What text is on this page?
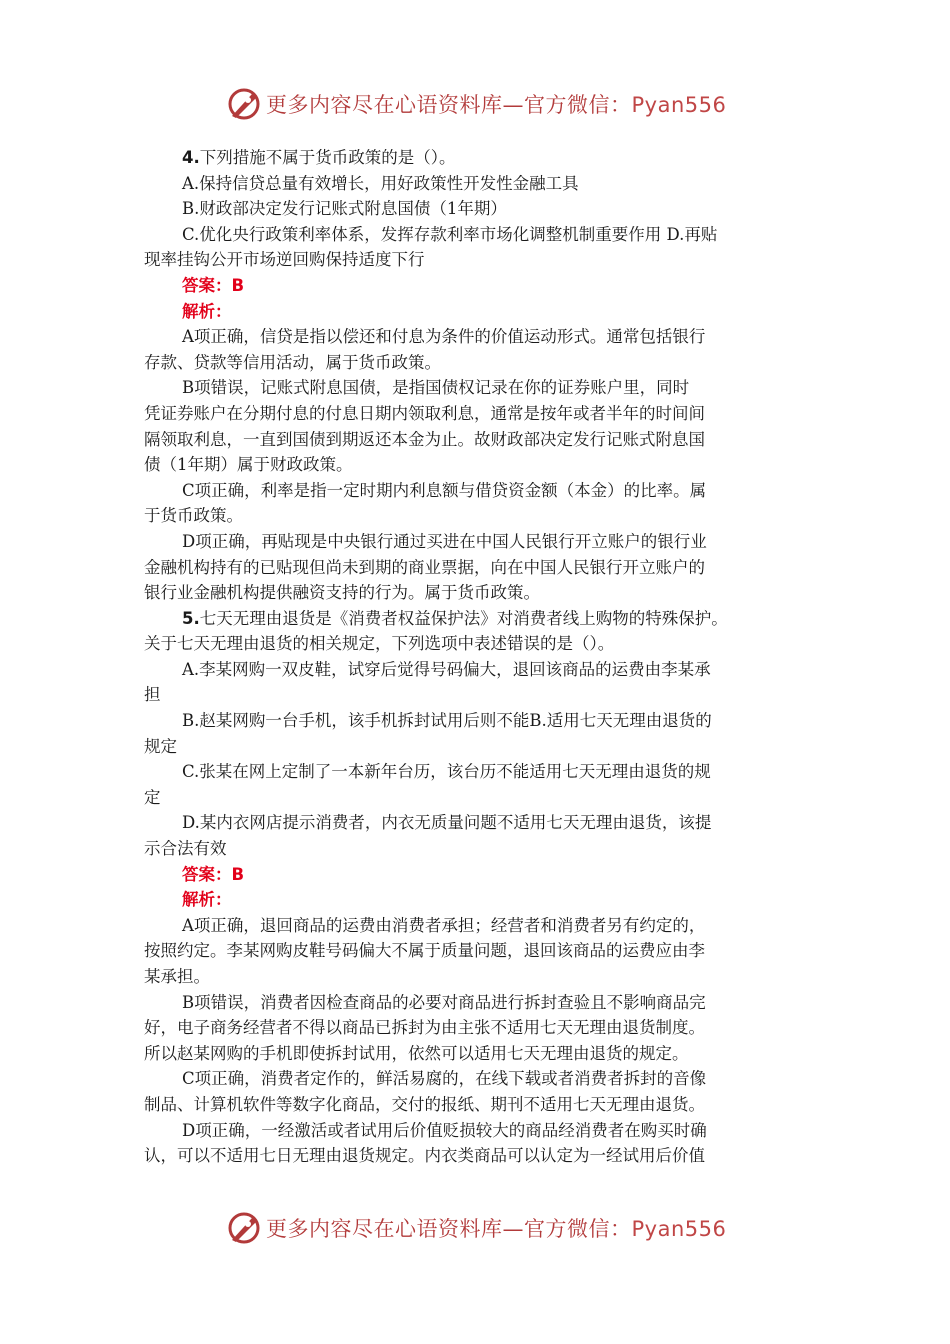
更多内容尽在心语资料库—官方微信：Pyan556
4.下列措施不属于货币政策的是（）。
A.保持信贷总量有效增长，用好政策性开发性金融工具
B.财政部决定发行记账式附息国债（1年期）
C.优化央行政策利率体系，发挥存款利率市场化调整机制重要作用 D.再贴
现率挂钩公开市场逆回购保持适度下行
答案：B
解析：
A项正确，信贷是指以偿还和付息为条件的价值运动形式。通常包括银行
存款、贷款等信用活动，属于货币政策。
B项错误，记账式附息国债，是指国债权记录在你的证券账户里，同时
凭证券账户在分期付息的付息日期内领取利息，通常是按年或者半年的时间间
隔领取利息，一直到国债到期返还本金为止。故财政部决定发行记账式附息国
债（1年期）属于财政政策。
C项正确，利率是指一定时期内利息额与借贷资金额（本金）的比率。属
于货币政策。
D项正确，再贴现是中央银行通过买进在中国人民银行开立账户的银行业
金融机构持有的已贴现但尚未到期的商业票据，向在中国人民银行开立账户的
银行业金融机构提供融资支持的行为。属于货币政策。
5.七天无理由退货是《消费者权益保护法》对消费者线上购物的特殊保护。
关于七天无理由退货的相关规定，下列选项中表述错误的是（）。
A.李某网购一双皮鞋，试穿后觉得号码偏大，退回该商品的运费由李某承
担
B.赵某网购一台手机，该手机拆封试用后则不能B.适用七天无理由退货的
规定
C.张某在网上定制了一本新年台历，该台历不能适用七天无理由退货的规
定
D.某内衣网店提示消费者，内衣无质量问题不适用七天无理由退货，该提
示合法有效
答案：B
解析：
A项正确，退回商品的运费由消费者承担；经营者和消费者另有约定的，
按照约定。李某网购皮鞋号码偏大不属于质量问题，退回该商品的运费应由李
某承担。
B项错误，消费者因检查商品的必要对商品进行拆封查验且不影响商品完
好，电子商务经营者不得以商品已拆封为由主张不适用七天无理由退货制度。
所以赵某网购的手机即使拆封试用，依然可以适用七天无理由退货的规定。
C项正确，消费者定作的，鲜活易腐的，在线下载或者消费者拆封的音像
制品、计算机软件等数字化商品，交付的报纸、期刊不适用七天无理由退货。
D项正确，一经激活或者试用后价值贬损较大的商品经消费者在购买时确
认，可以不适用七日无理由退货规定。内衣类商品可以认定为一经试用后价值
更多内容尽在心语资料库—官方微信：Pyan556
